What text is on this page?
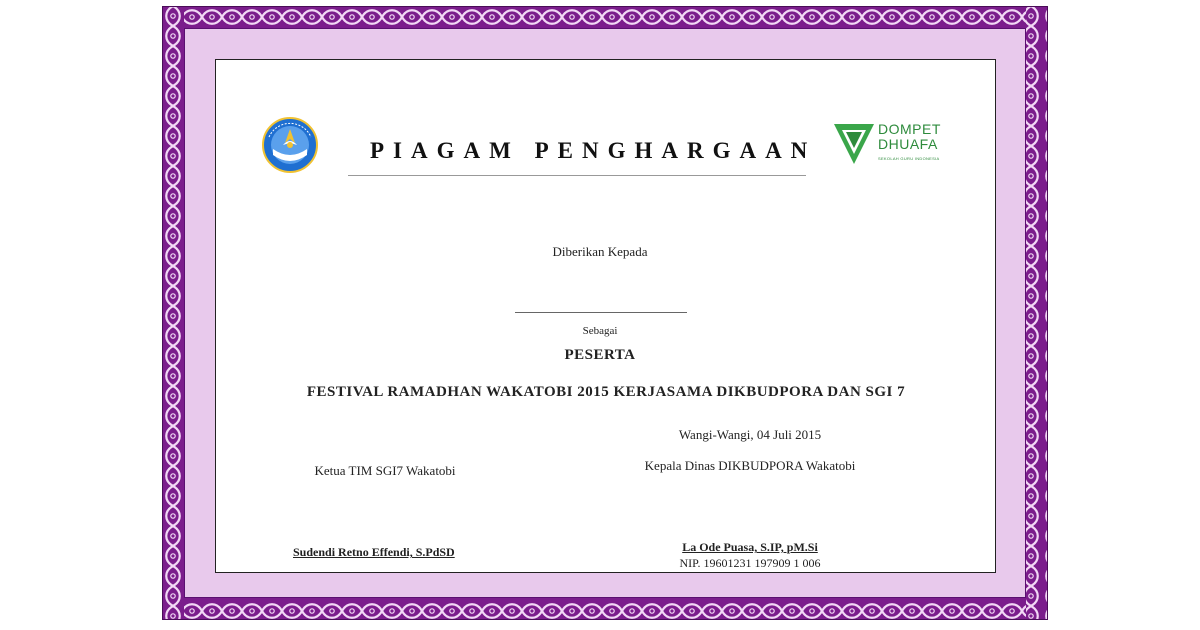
PIAGAM PENGHARGAAN
DOMPET
DHUAFA
SEKOLAH GURU INDONESIA
Diberikan Kepada
Sebagai
PESERTA
FESTIVAL RAMADHAN WAKATOBI 2015 KERJASAMA DIKBUDPORA DAN SGI 7
Wangi-Wangi, 04 Juli 2015
Ketua TIM SGI7 Wakatobi	Kepala Dinas DIKBUDPORA Wakatobi
Sudendi Retno Effendi, S.PdSD	La Ode Puasa, S.IP, pM.Si
NIP. 19601231 197909 1 006
